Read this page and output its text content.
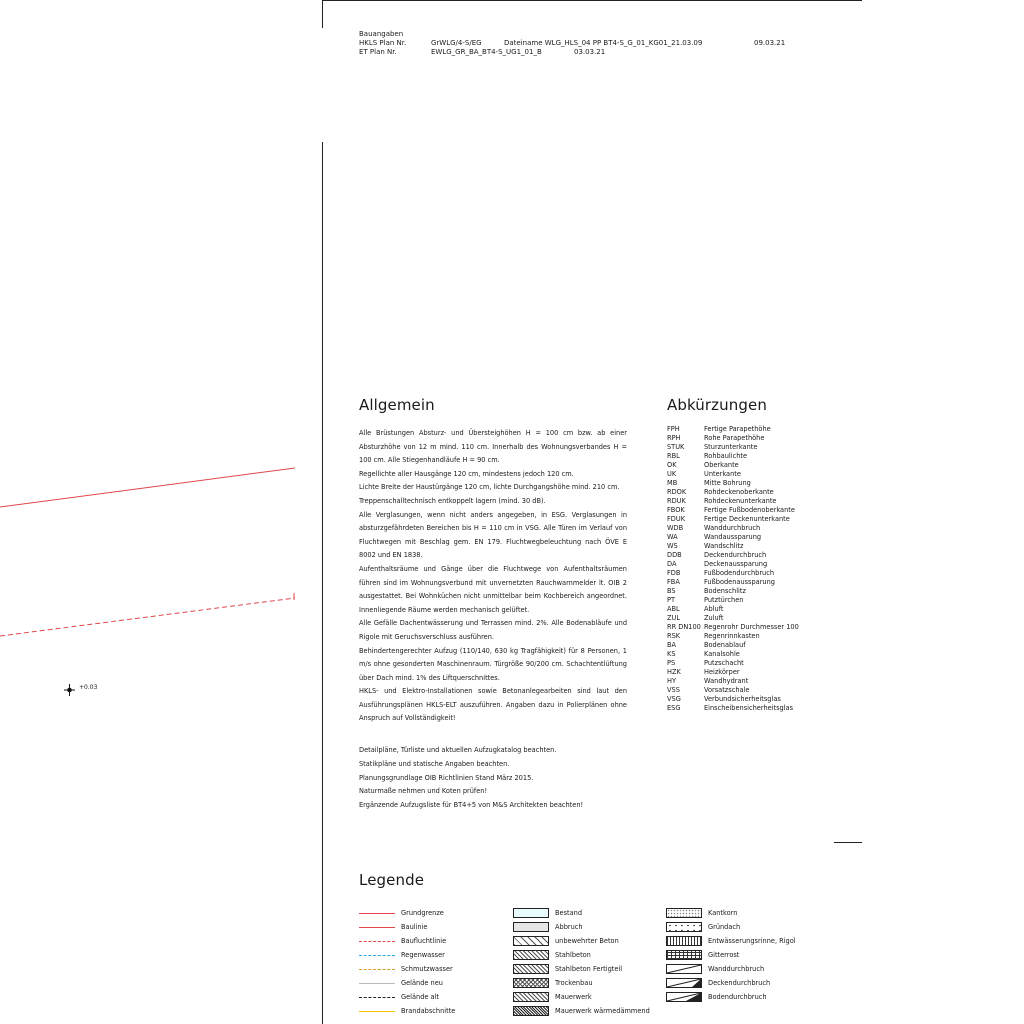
+0.03
Bauangaben
HKLS Plan Nr.	GrWLG/4-S/EG	Dateiname WLG_HLS_04 PP BT4-S_G_01_KG01_21.03.09	09.03.21
ET Plan Nr.	EWLG_GR_BA_BT4-S_UG1_01_B	03.03.21
Allgemein

Alle Brüstungen Absturz- und Übersteighöhen H = 100 cm bzw. ab einer Absturzhöhe von 12 m mind. 110 cm. Innerhalb des Wohnungsverbandes H = 100 cm. Alle Stiegenhandläufe H = 90 cm.

Regellichte aller Hausgänge 120 cm, mindestens jedoch 120 cm.

Lichte Breite der Haustürgänge 120 cm, lichte Durchgangshöhe mind. 210 cm.

Treppenschalltechnisch entkoppelt lagern (mind. 30 dB).

Alle Verglasungen, wenn nicht anders angegeben, in ESG. Verglasungen in absturzgefährdeten Bereichen bis H = 110 cm in VSG. Alle Türen im Verlauf von Fluchtwegen mit Beschlag gem. EN 179. Fluchtwegbeleuchtung nach ÖVE E 8002 und EN 1838.

Aufenthaltsräume und Gänge über die Fluchtwege von Aufenthaltsräumen führen sind im Wohnungsverbund mit unvernetzten Rauchwarnmelder lt. OIB 2 ausgestattet. Bei Wohnküchen nicht unmittelbar beim Kochbereich angeordnet. Innenliegende Räume werden mechanisch gelüftet.

Alle Gefälle Dachentwässerung und Terrassen mind. 2%. Alle Bodenabläufe und Rigole mit Geruchsverschluss ausführen.

Behindertengerechter Aufzug (110/140, 630 kg Tragfähigkeit) für 8 Personen, 1 m/s ohne gesonderten Maschinenraum. Türgröße 90/200 cm. Schachtentlüftung über Dach mind. 1% des Liftquerschnittes.

HKLS- und Elektro-Installationen sowie Betonanlegearbeiten sind laut den Ausführungsplänen HKLS-ELT auszuführen. Angaben dazu in Polierplänen ohne Anspruch auf Vollständigkeit!

Detailpläne, Türliste und aktuellen Aufzugkatalog beachten.

Statikpläne und statische Angaben beachten.

Planungsgrundlage OIB Richtlinien Stand März 2015.

Naturmaße nehmen und Koten prüfen!

Ergänzende Aufzugsliste für BT4+5 von M&S Architekten beachten!

Abkürzungen
FPH	Fertige Parapethöhe
RPH	Rohe Parapethöhe
STUK	Sturzunterkante
RBL	Rohbaulichte
OK	Oberkante
UK	Unterkante
MB	Mitte Bohrung
RDOK	Rohdeckenoberkante
RDUK	Rohdeckenunterkante
FBOK	Fertige Fußbodenoberkante
FDUK	Fertige Deckenunterkante
WDB	Wanddurchbruch
WA	Wandaussparung
WS	Wandschlitz
DDB	Deckendurchbruch
DA	Deckenaussparung
FDB	Fußbodendurchbruch
FBA	Fußbodenaussparung
BS	Bodenschlitz
PT	Putztürchen
ABL	Abluft
ZUL	Zuluft
RR DN100 Regenrohr Durchmesser 100
RSK	Regenrinnkasten
BA	Bodenablauf
KS	Kanalsohle
PS	Putzschacht
HZK	Heizkörper
HY	Wandhydrant
VSS	Vorsatzschale
VSG	Verbundsicherheitsglas
ESG	Einscheibensicherheitsglas
Legende
Grundgrenze
Baulinie
Baufluchtlinie
Regenwasser
Schmutzwasser
Gelände neu
Gelände alt
Brandabschnitte
Bestand
Abbruch
unbewehrter Beton
Stahlbeton
Stahlbeton Fertigteil
Trockenbau
Mauerwerk
Mauerwerk wärmedämmend
Kantkorn
Gründach
Entwässerungsrinne, Rigol
Gitterrost
Wanddurchbruch
Deckendurchbruch
Bodendurchbruch
